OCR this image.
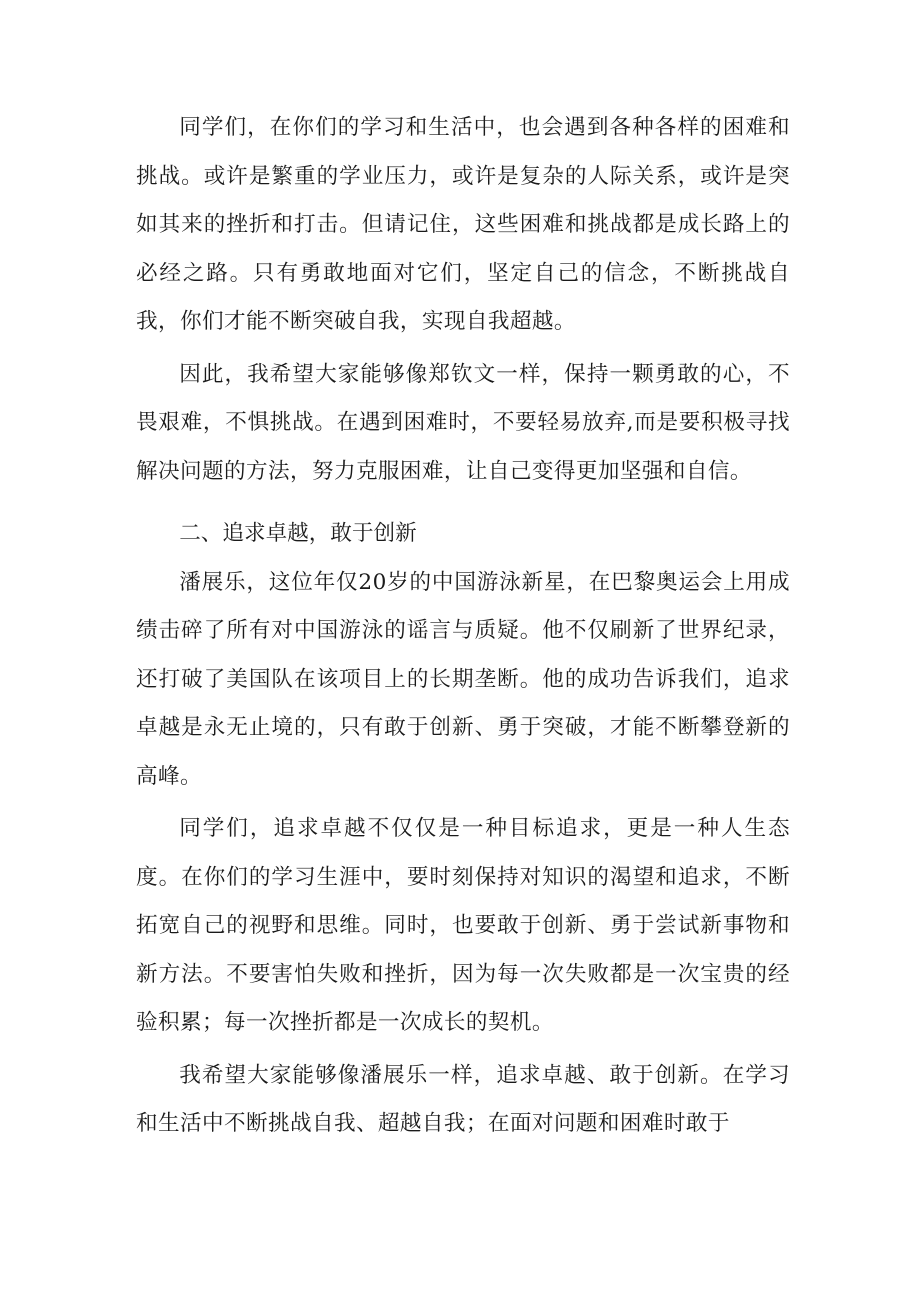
同学们，在你们的学习和生活中，也会遇到各种各样的困难和挑战。或许是繁重的学业压力，或许是复杂的人际关系，或许是突如其来的挫折和打击。但请记住，这些困难和挑战都是成长路上的必经之路。只有勇敢地面对它们，坚定自己的信念，不断挑战自我，你们才能不断突破自我，实现自我超越。

因此，我希望大家能够像郑钦文一样，保持一颗勇敢的心，不畏艰难，不惧挑战。在遇到困难时，不要轻易放弃,而是要积极寻找解决问题的方法，努力克服困难，让自己变得更加坚强和自信。

二、追求卓越，敢于创新

潘展乐，这位年仅20岁的中国游泳新星，在巴黎奥运会上用成绩击碎了所有对中国游泳的谣言与质疑。他不仅刷新了世界纪录，还打破了美国队在该项目上的长期垄断。他的成功告诉我们，追求卓越是永无止境的，只有敢于创新、勇于突破，才能不断攀登新的高峰。

同学们，追求卓越不仅仅是一种目标追求，更是一种人生态度。在你们的学习生涯中，要时刻保持对知识的渴望和追求，不断拓宽自己的视野和思维。同时，也要敢于创新、勇于尝试新事物和新方法。不要害怕失败和挫折，因为每一次失败都是一次宝贵的经验积累；每一次挫折都是一次成长的契机。

我希望大家能够像潘展乐一样，追求卓越、敢于创新。在学习和生活中不断挑战自我、超越自我；在面对问题和困难时敢于
